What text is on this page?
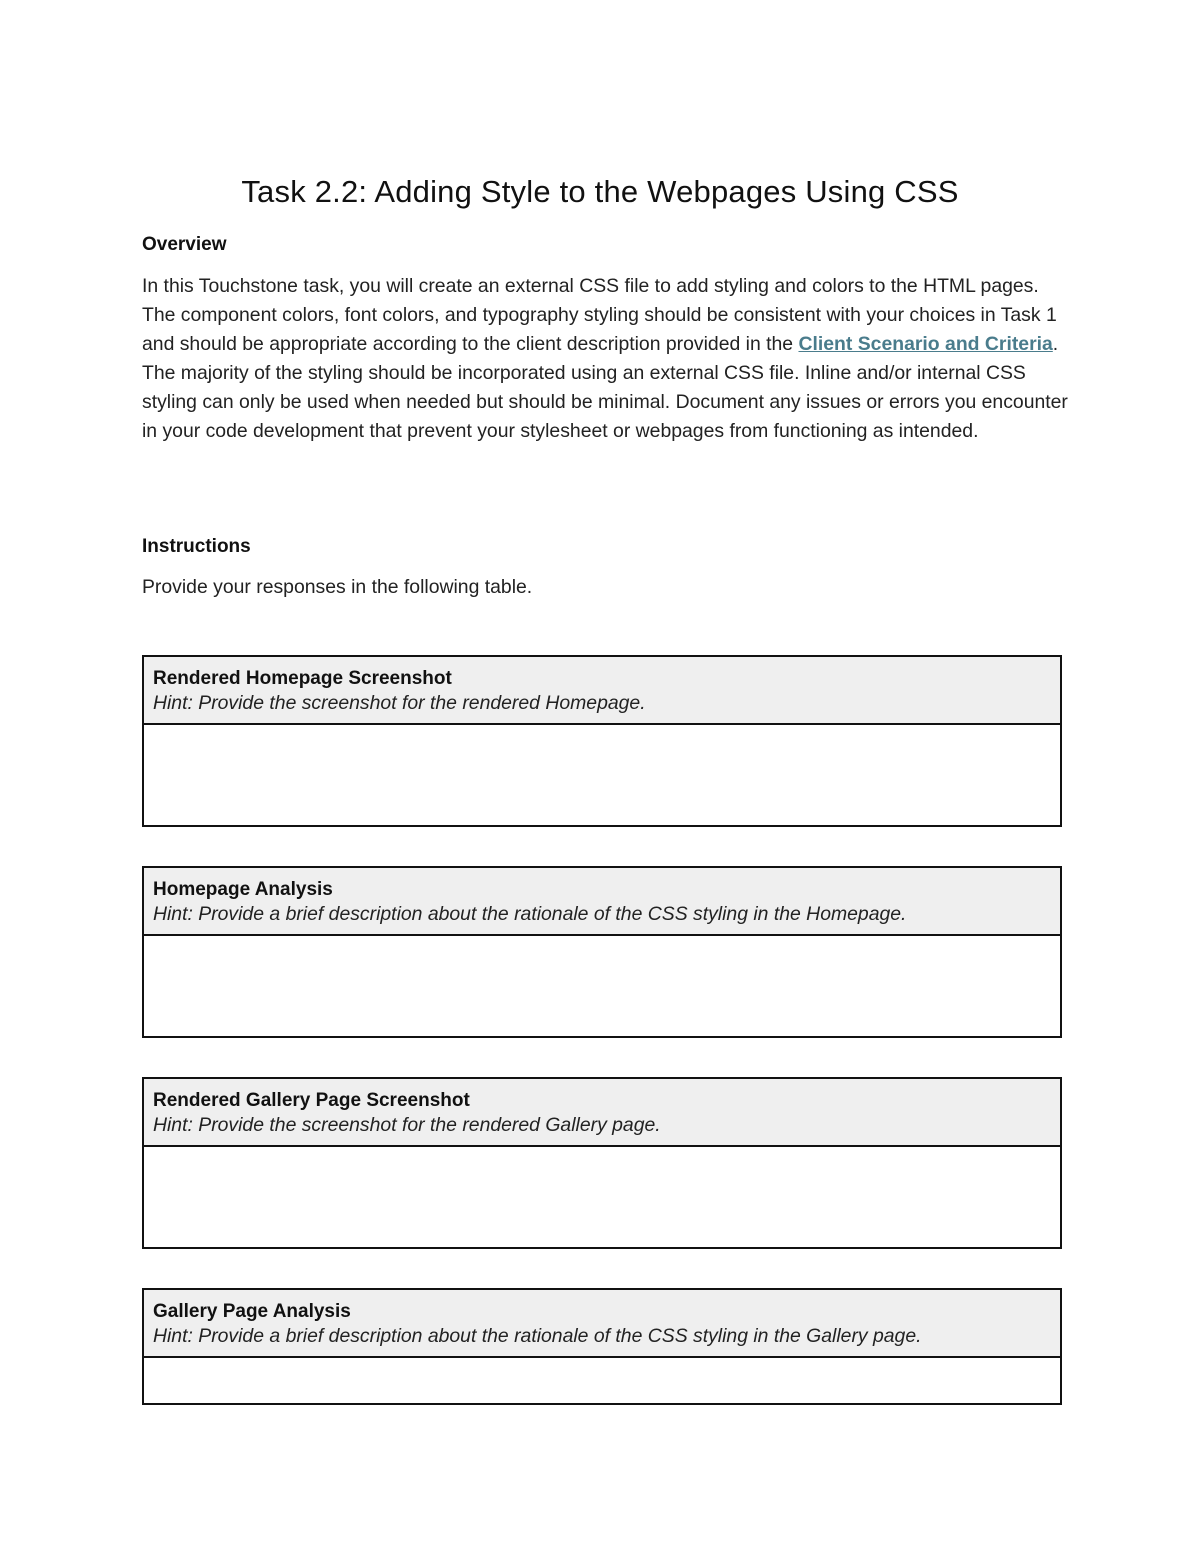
Task 2.2: Adding Style to the Webpages Using CSS
Overview

In this Touchstone task, you will create an external CSS file to add styling and colors to the HTML pages. The component colors, font colors, and typography styling should be consistent with your choices in Task 1 and should be appropriate according to the client description provided in the Client Scenario and Criteria. The majority of the styling should be incorporated using an external CSS file. Inline and/or internal CSS styling can only be used when needed but should be minimal. Document any issues or errors you encounter in your code development that prevent your stylesheet or webpages from functioning as intended.

Instructions

Provide your responses in the following table.

Rendered Homepage Screenshot
Hint: Provide the screenshot for the rendered Homepage.
Homepage Analysis
Hint: Provide a brief description about the rationale of the CSS styling in the Homepage.
Rendered Gallery Page Screenshot
Hint: Provide the screenshot for the rendered Gallery page.
Gallery Page Analysis
Hint: Provide a brief description about the rationale of the CSS styling in the Gallery page.
